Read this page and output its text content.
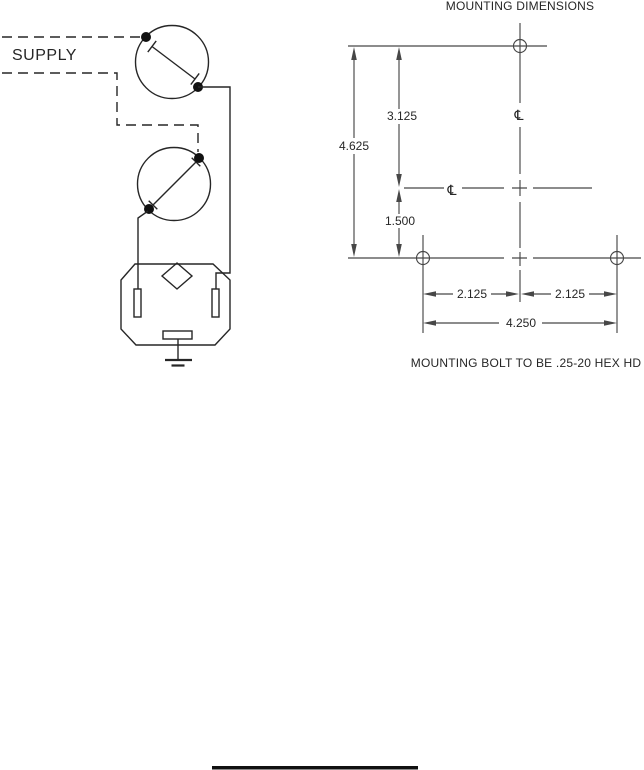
SUPPLY
MOUNTING DIMENSIONS
℄
℄
4.625
3.125
1.500
2.125	2.125
4.250
MOUNTING BOLT TO BE .25-20 HEX HD
